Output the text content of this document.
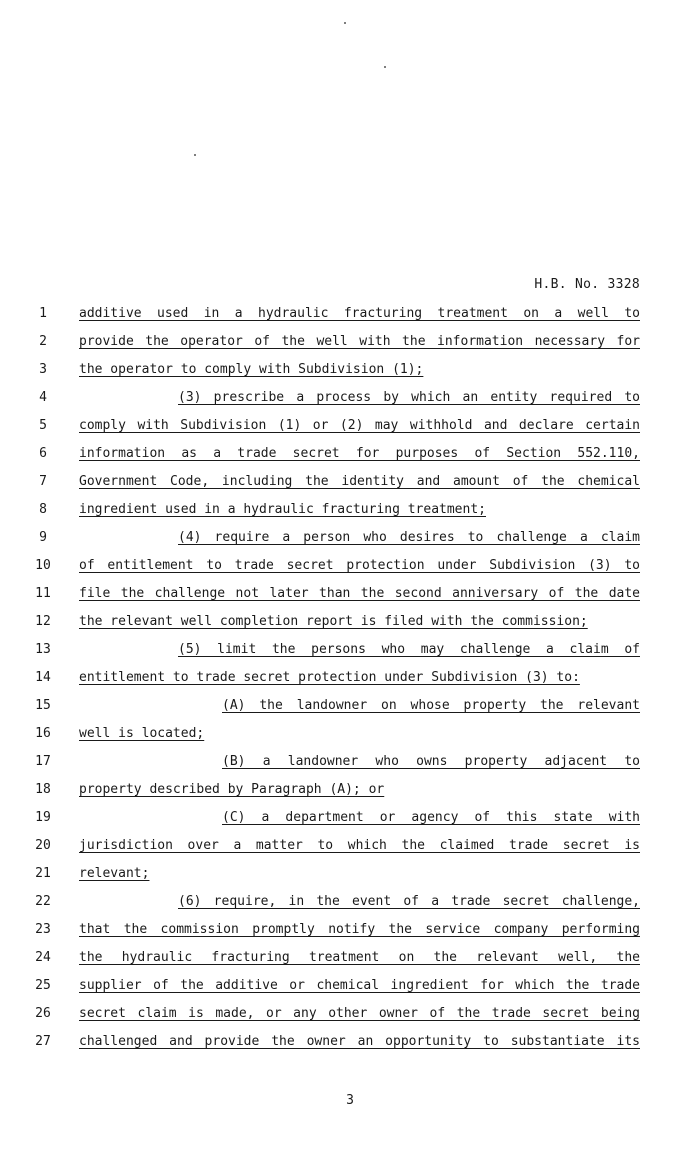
H.B. No. 3328
1	additive used in a hydraulic fracturing treatment on a well to
2	provide the operator of the well with the information necessary for
3	the operator to comply with Subdivision (1);
4	(3) prescribe a process by which an entity required to
5	comply with Subdivision (1) or (2) may withhold and declare certain
6	information as a trade secret for purposes of Section 552.110,
7	Government Code, including the identity and amount of the chemical
8	ingredient used in a hydraulic fracturing treatment;
9	(4) require a person who desires to challenge a claim
10	of entitlement to trade secret protection under Subdivision (3) to
11	file the challenge not later than the second anniversary of the date
12	the relevant well completion report is filed with the commission;
13	(5) limit the persons who may challenge a claim of
14	entitlement to trade secret protection under Subdivision (3) to:
15	(A) the landowner on whose property the relevant
16	well is located;
17	(B) a landowner who owns property adjacent to
18	property described by Paragraph (A); or
19	(C) a department or agency of this state with
20	jurisdiction over a matter to which the claimed trade secret is
21	relevant;
22	(6) require, in the event of a trade secret challenge,
23	that the commission promptly notify the service company performing
24	the hydraulic fracturing treatment on the relevant well, the
25	supplier of the additive or chemical ingredient for which the trade
26	secret claim is made, or any other owner of the trade secret being
27	challenged and provide the owner an opportunity to substantiate its
3
